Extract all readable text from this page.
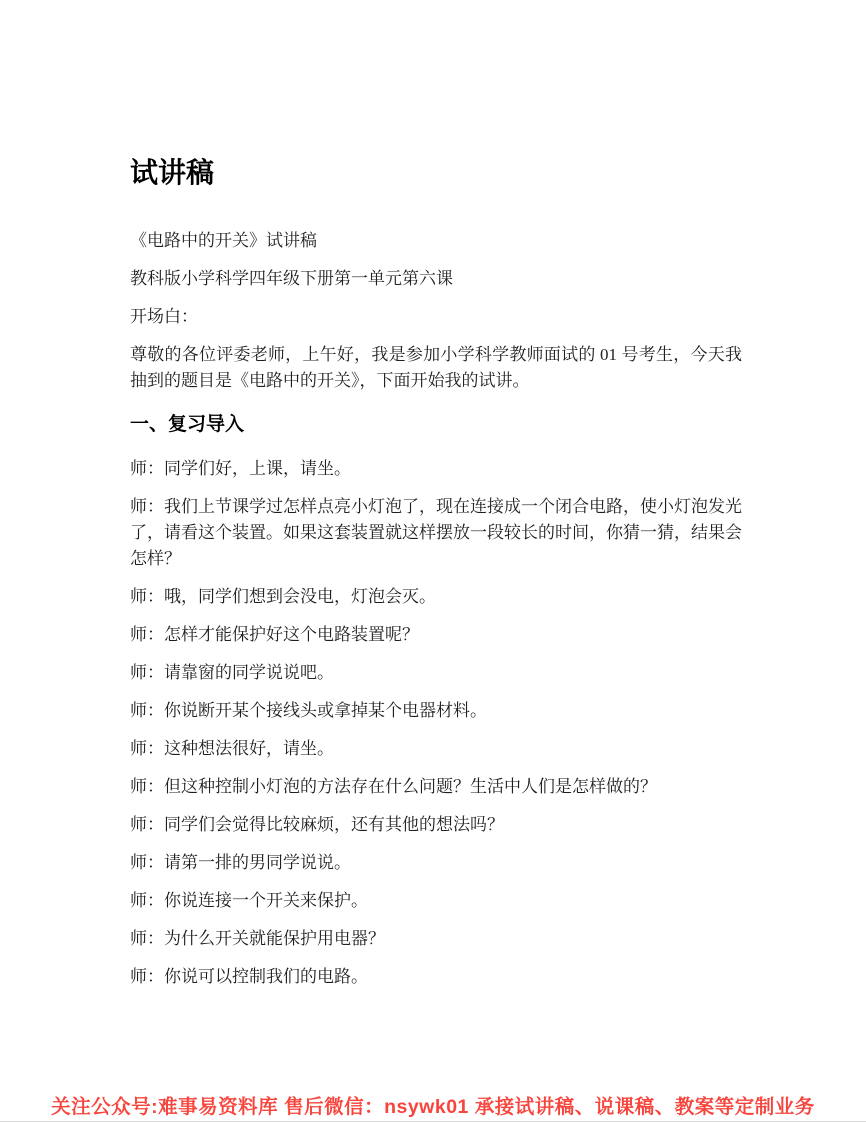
试讲稿

《电路中的开关》试讲稿

教科版小学科学四年级下册第一单元第六课

开场白：

尊敬的各位评委老师，上午好，我是参加小学科学教师面试的 01 号考生，今天我抽到的题目是《电路中的开关》，下面开始我的试讲。

一、复习导入

师：同学们好，上课，请坐。

师：我们上节课学过怎样点亮小灯泡了，现在连接成一个闭合电路，使小灯泡发光了，请看这个装置。如果这套装置就这样摆放一段较长的时间，你猜一猜，结果会怎样？

师：哦，同学们想到会没电，灯泡会灭。

师：怎样才能保护好这个电路装置呢？

师：请靠窗的同学说说吧。

师：你说断开某个接线头或拿掉某个电器材料。

师：这种想法很好，请坐。

师：但这种控制小灯泡的方法存在什么问题？生活中人们是怎样做的？

师：同学们会觉得比较麻烦，还有其他的想法吗？

师：请第一排的男同学说说。

师：你说连接一个开关来保护。

师：为什么开关就能保护用电器？

师：你说可以控制我们的电路。

关注公众号:难事易资料库 售后微信：nsywk01 承接试讲稿、说课稿、教案等定制业务
